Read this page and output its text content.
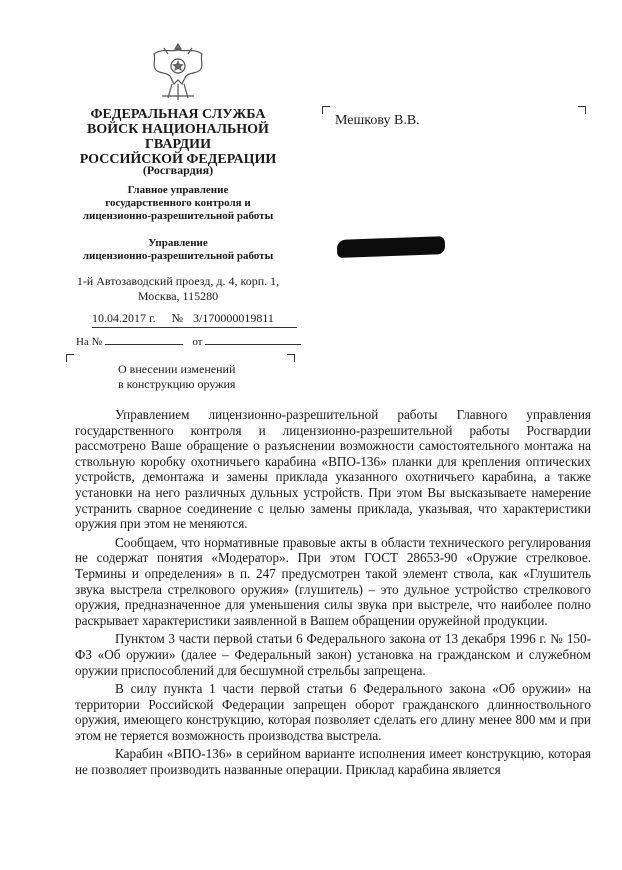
ФЕДЕРАЛЬНАЯ СЛУЖБА
ВОЙСК НАЦИОНАЛЬНОЙ
ГВАРДИИ
РОССИЙСКОЙ ФЕДЕРАЦИИ
(Росгвардия)
Главное управление
государственного контроля и
лицензионно-разрешительной работы
Управление
лицензионно-разрешительной работы
1-й Автозаводский проезд, д. 4, корп. 1,
Москва, 115280
10.04.2017 г. № 3/170000019811
На №	от
О внесении изменений
в конструкцию оружия
Мешкову В.В.

Управлением лицензионно-разрешительной работы Главного управления государственного контроля и лицензионно-разрешительной работы Росгвардии рассмотрено Ваше обращение о разъяснении возможности самостоятельного монтажа на ствольную коробку охотничьего карабина «ВПО-136» планки для крепления оптических устройств, демонтажа и замены приклада указанного охотничьего карабина, а также установки на него различных дульных устройств. При этом Вы высказываете намерение устранить сварное соединение с целью замены приклада, указывая, что характеристики оружия при этом не меняются.

Сообщаем, что нормативные правовые акты в области технического регулирования не содержат понятия «Модератор». При этом ГОСТ 28653-90 «Оружие стрелковое. Термины и определения» в п. 247 предусмотрен такой элемент ствола, как «Глушитель звука выстрела стрелкового оружия» (глушитель) – это дульное устройство стрелкового оружия, предназначенное для уменьшения силы звука при выстреле, что наиболее полно раскрывает характеристики заявленной в Вашем обращении оружейной продукции.

Пунктом 3 части первой статьи 6 Федерального закона от 13 декабря 1996 г. № 150-ФЗ «Об оружии» (далее – Федеральный закон) установка на гражданском и служебном оружии приспособлений для бесшумной стрельбы запрещена.

В силу пункта 1 части первой статьи 6 Федерального закона «Об оружии» на территории Российской Федерации запрещен оборот гражданского длинноствольного оружия, имеющего конструкцию, которая позволяет сделать его длину менее 800 мм и при этом не теряется возможность производства выстрела.

Карабин «ВПО-136» в серийном варианте исполнения имеет конструкцию, которая не позволяет производить названные операции. Приклад карабина является
